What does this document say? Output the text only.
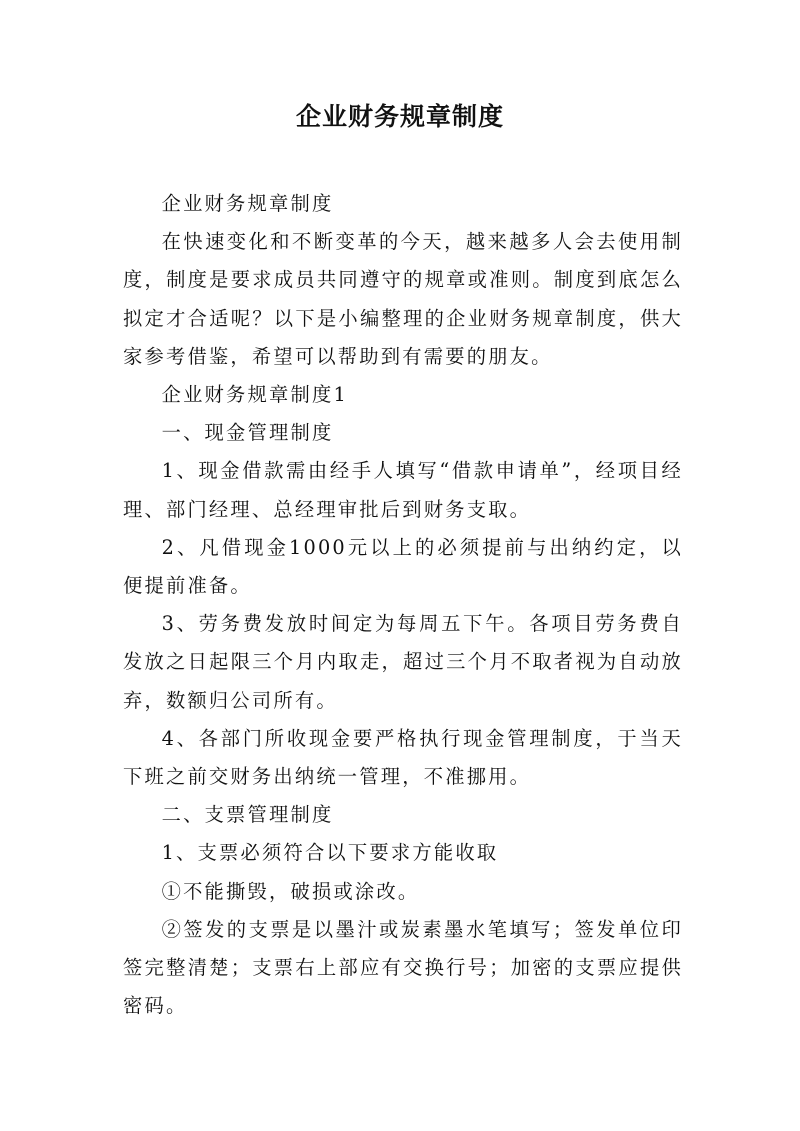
企业财务规章制度

企业财务规章制度

在快速变化和不断变革的今天，越来越多人会去使用制度，制度是要求成员共同遵守的规章或准则。制度到底怎么拟定才合适呢？以下是小编整理的企业财务规章制度，供大家参考借鉴，希望可以帮助到有需要的朋友。

企业财务规章制度1

一、现金管理制度

1、现金借款需由经手人填写“借款申请单”，经项目经理、部门经理、总经理审批后到财务支取。

2、凡借现金1000元以上的必须提前与出纳约定，以便提前准备。

3、劳务费发放时间定为每周五下午。各项目劳务费自发放之日起限三个月内取走，超过三个月不取者视为自动放弃，数额归公司所有。

4、各部门所收现金要严格执行现金管理制度，于当天下班之前交财务出纳统一管理，不准挪用。

二、支票管理制度

1、支票必须符合以下要求方能收取

①不能撕毁，破损或涂改。

②签发的支票是以墨汁或炭素墨水笔填写；签发单位印签完整清楚；支票右上部应有交换行号；加密的支票应提供密码。
